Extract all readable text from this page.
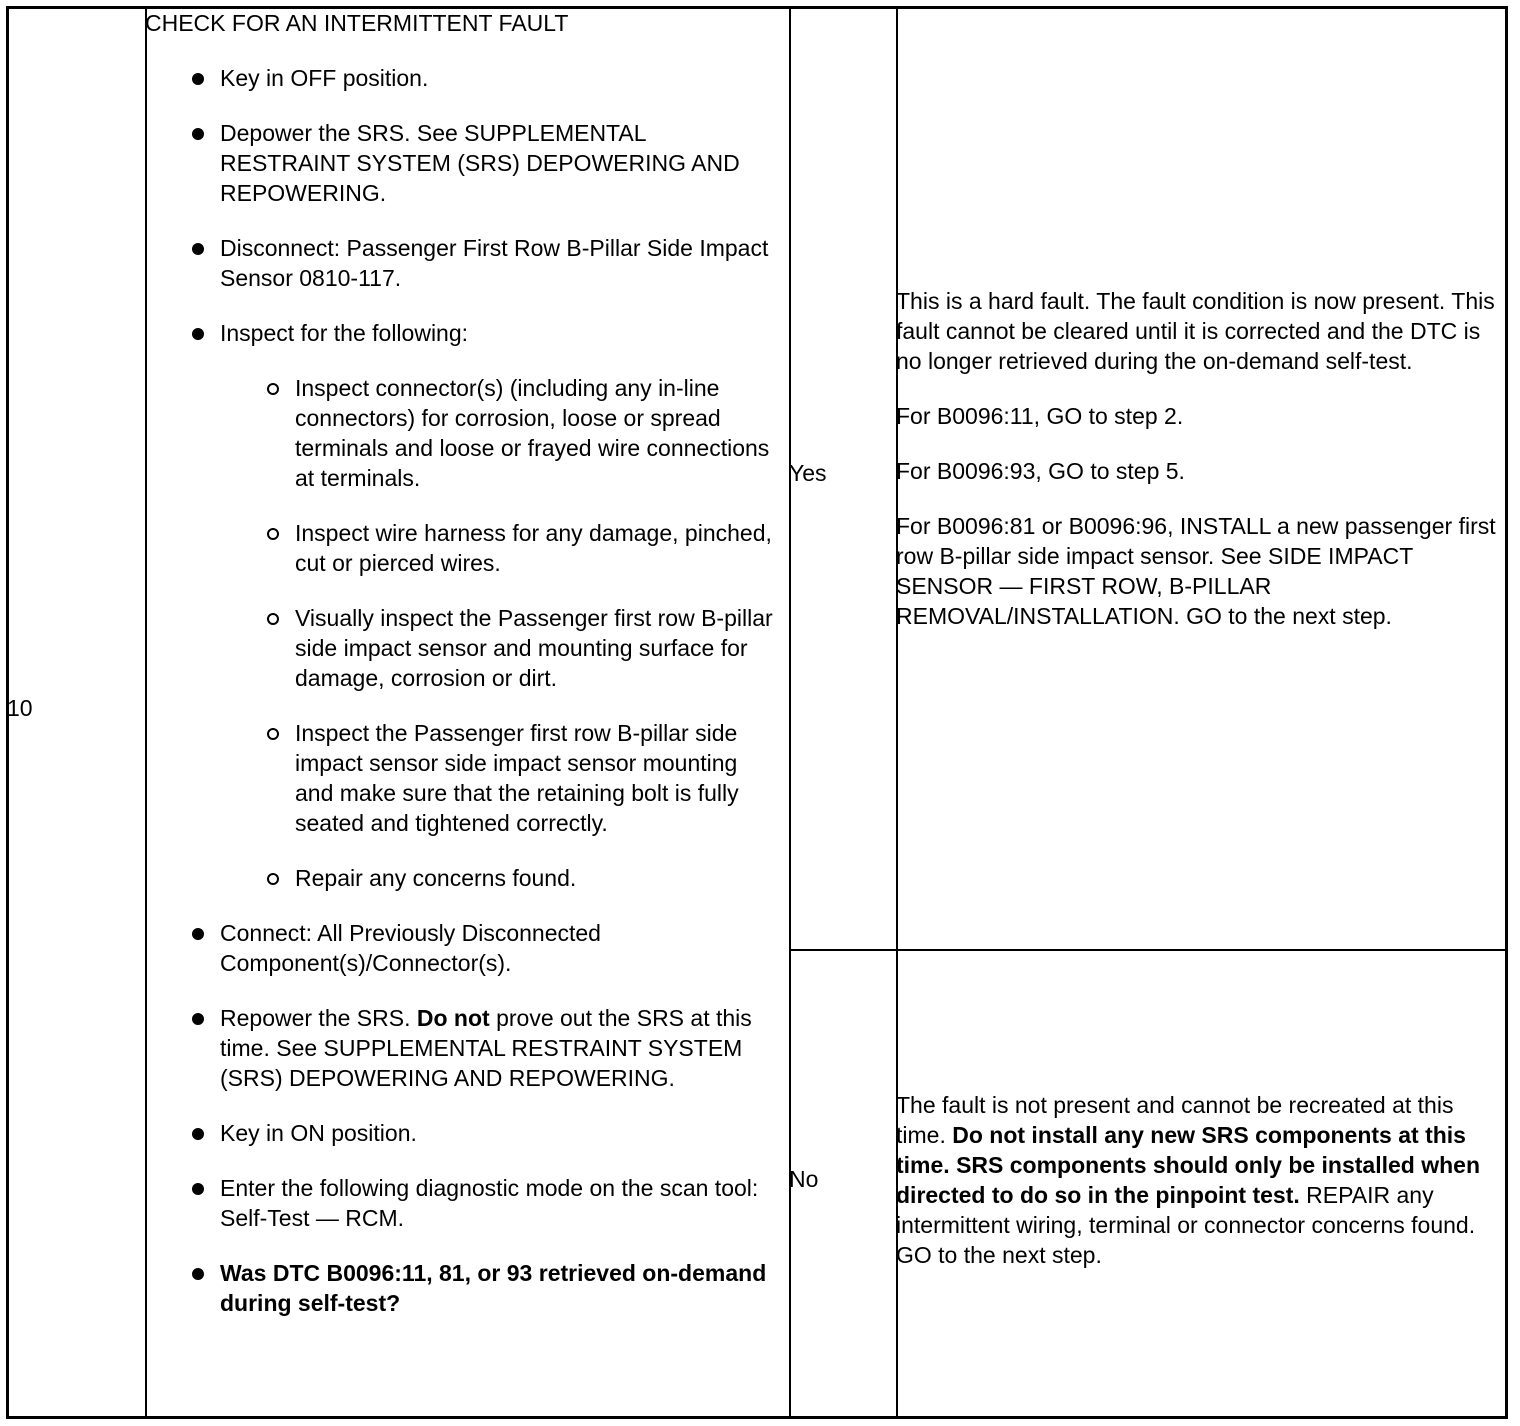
10
CHECK FOR AN INTERMITTENT FAULT
Key in OFF position.
Depower the SRS. See SUPPLEMENTAL RESTRAINT SYSTEM (SRS) DEPOWERING AND REPOWERING.
Disconnect: Passenger First Row B-Pillar Side Impact Sensor 0810-117.
Inspect for the following:
Inspect connector(s) (including any in-line connectors) for corrosion, loose or spread terminals and loose or frayed wire connections at terminals.
Inspect wire harness for any damage, pinched, cut or pierced wires.
Visually inspect the Passenger first row B-pillar side impact sensor and mounting surface for damage, corrosion or dirt.
Inspect the Passenger first row B-pillar side impact sensor side impact sensor mounting and make sure that the retaining bolt is fully seated and tightened correctly.
Repair any concerns found.
Connect: All Previously Disconnected Component(s)/Connector(s).
Repower the SRS. Do not prove out the SRS at this time. See SUPPLEMENTAL RESTRAINT SYSTEM (SRS) DEPOWERING AND REPOWERING.
Key in ON position.
Enter the following diagnostic mode on the scan tool: Self-Test — RCM.
Was DTC B0096:11, 81, or 93 retrieved on-demand during self-test?
Yes
No

This is a hard fault. The fault condition is now present. This fault cannot be cleared until it is corrected and the DTC is no longer retrieved during the on-demand self-test.

For B0096:11, GO to step 2.

For B0096:93, GO to step 5.

For B0096:81 or B0096:96, INSTALL a new passenger first row B-pillar side impact sensor. See SIDE IMPACT SENSOR — FIRST ROW, B-PILLAR REMOVAL/INSTALLATION. GO to the next step.

The fault is not present and cannot be recreated at this time. Do not install any new SRS components at this time. SRS components should only be installed when directed to do so in the pinpoint test. REPAIR any intermittent wiring, terminal or connector concerns found. GO to the next step.
